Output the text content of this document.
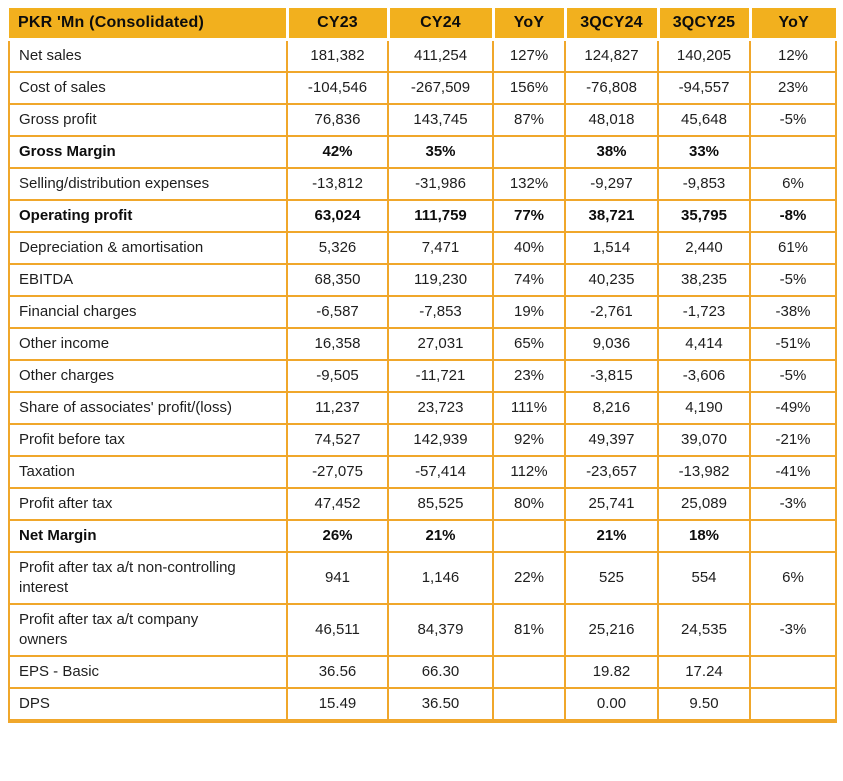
PKR 'Mn (Consolidated)	CY23	CY24	YoY	3QCY24	3QCY25	YoY
Net sales	181,382	411,254	127%	124,827	140,205	12%
Cost of sales	-104,546	-267,509	156%	-76,808	-94,557	23%
Gross profit	76,836	143,745	87%	48,018	45,648	-5%
Gross Margin	42%	35%		38%	33%	
Selling/distribution expenses	-13,812	-31,986	132%	-9,297	-9,853	6%
Operating profit	63,024	111,759	77%	38,721	35,795	-8%
Depreciation & amortisation	5,326	7,471	40%	1,514	2,440	61%
EBITDA	68,350	119,230	74%	40,235	38,235	-5%
Financial charges	-6,587	-7,853	19%	-2,761	-1,723	-38%
Other income	16,358	27,031	65%	9,036	4,414	-51%
Other charges	-9,505	-11,721	23%	-3,815	-3,606	-5%
Share of associates' profit/(loss)	11,237	23,723	111%	8,216	4,190	-49%
Profit before tax	74,527	142,939	92%	49,397	39,070	-21%
Taxation	-27,075	-57,414	112%	-23,657	-13,982	-41%
Profit after tax	47,452	85,525	80%	25,741	25,089	-3%
Net Margin	26%	21%		21%	18%	
Profit after tax a/t non-controlling interest	941	1,146	22%	525	554	6%
Profit after tax a/t company owners	46,511	84,379	81%	25,216	24,535	-3%
EPS - Basic	36.56	66.30		19.82	17.24	
DPS	15.49	36.50		0.00	9.50	
